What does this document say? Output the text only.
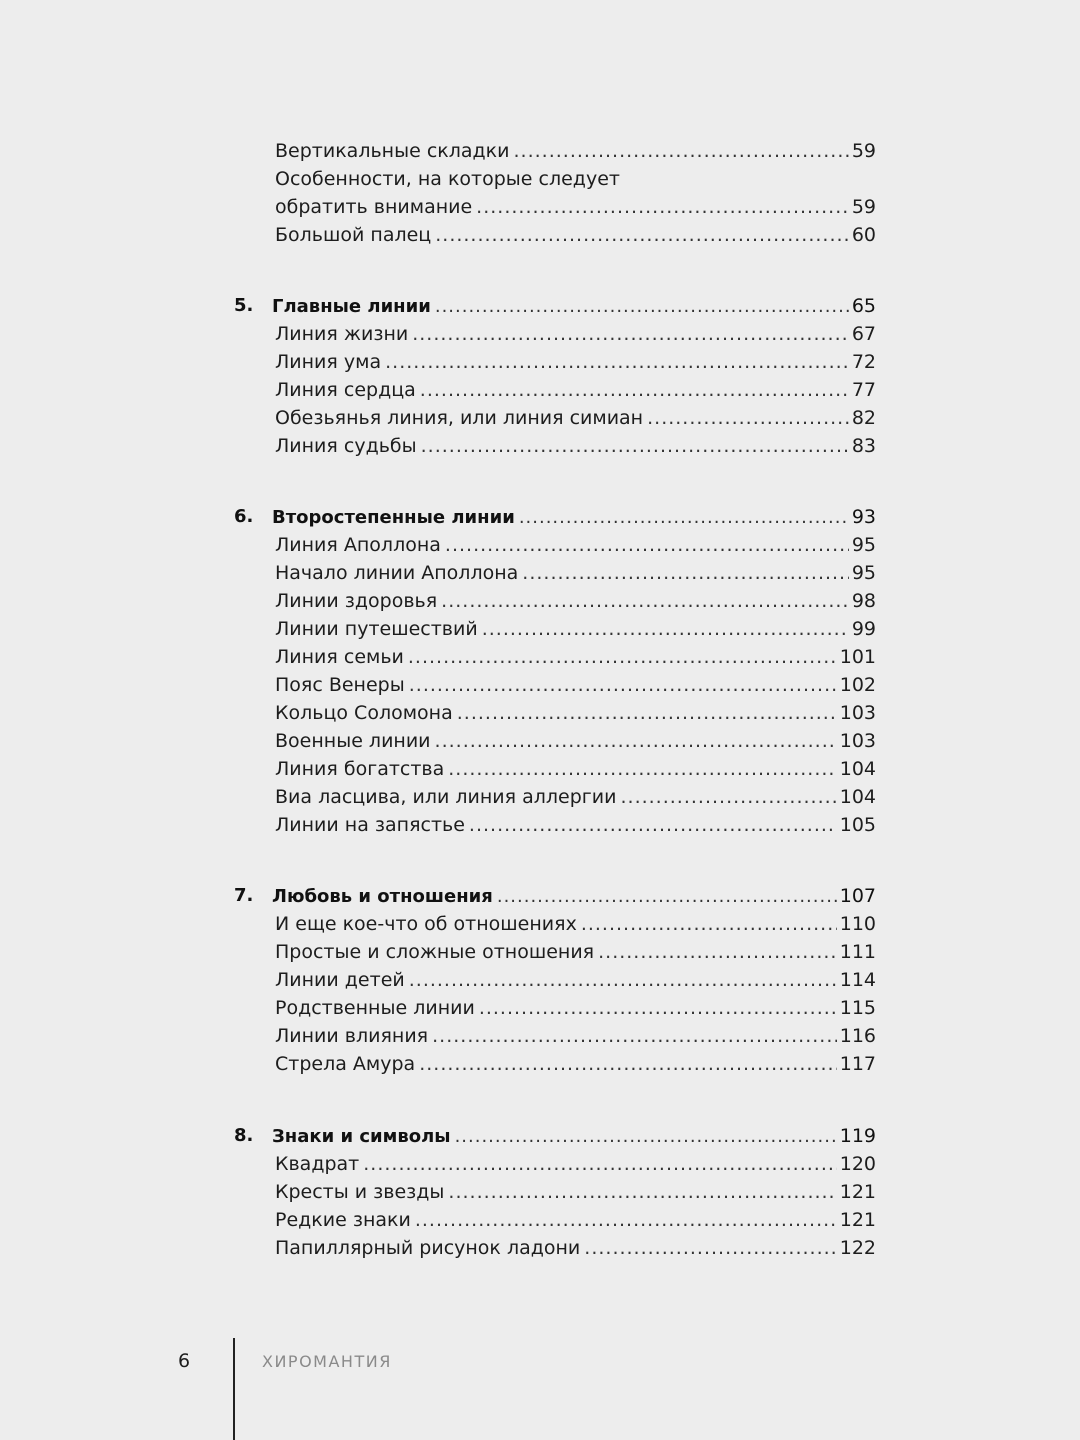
Вертикальные складки .....	59
Особенности, на которые следует
обратить внимание .....	59
Большой палец .....	60
5. Главные линии .....	65
Линия жизни .....	67
Линия ума .....	72
Линия сердца .....	77
Обезьянья линия, или линия симиан .....	82
Линия судьбы .....	83
6. Второстепенные линии .....	93
Линия Аполлона .....	95
Начало линии Аполлона .....	95
Линии здоровья .....	98
Линии путешествий .....	99
Линия семьи .....	101
Пояс Венеры .....	102
Кольцо Соломона .....	103
Военные линии .....	103
Линия богатства .....	104
Виа ласцива, или линия аллергии .....	104
Линии на запястье .....	105
7. Любовь и отношения .....	107
И еще кое-что об отношениях .....	110
Простые и сложные отношения .....	111
Линии детей .....	114
Родственные линии .....	115
Линии влияния .....	116
Стрела Амура .....	117
8. Знаки и символы .....	119
Квадрат .....	120
Кресты и звезды .....	121
Редкие знаки .....	121
Папиллярный рисунок ладони .....	122
6	ХИРОМАНТИЯ
